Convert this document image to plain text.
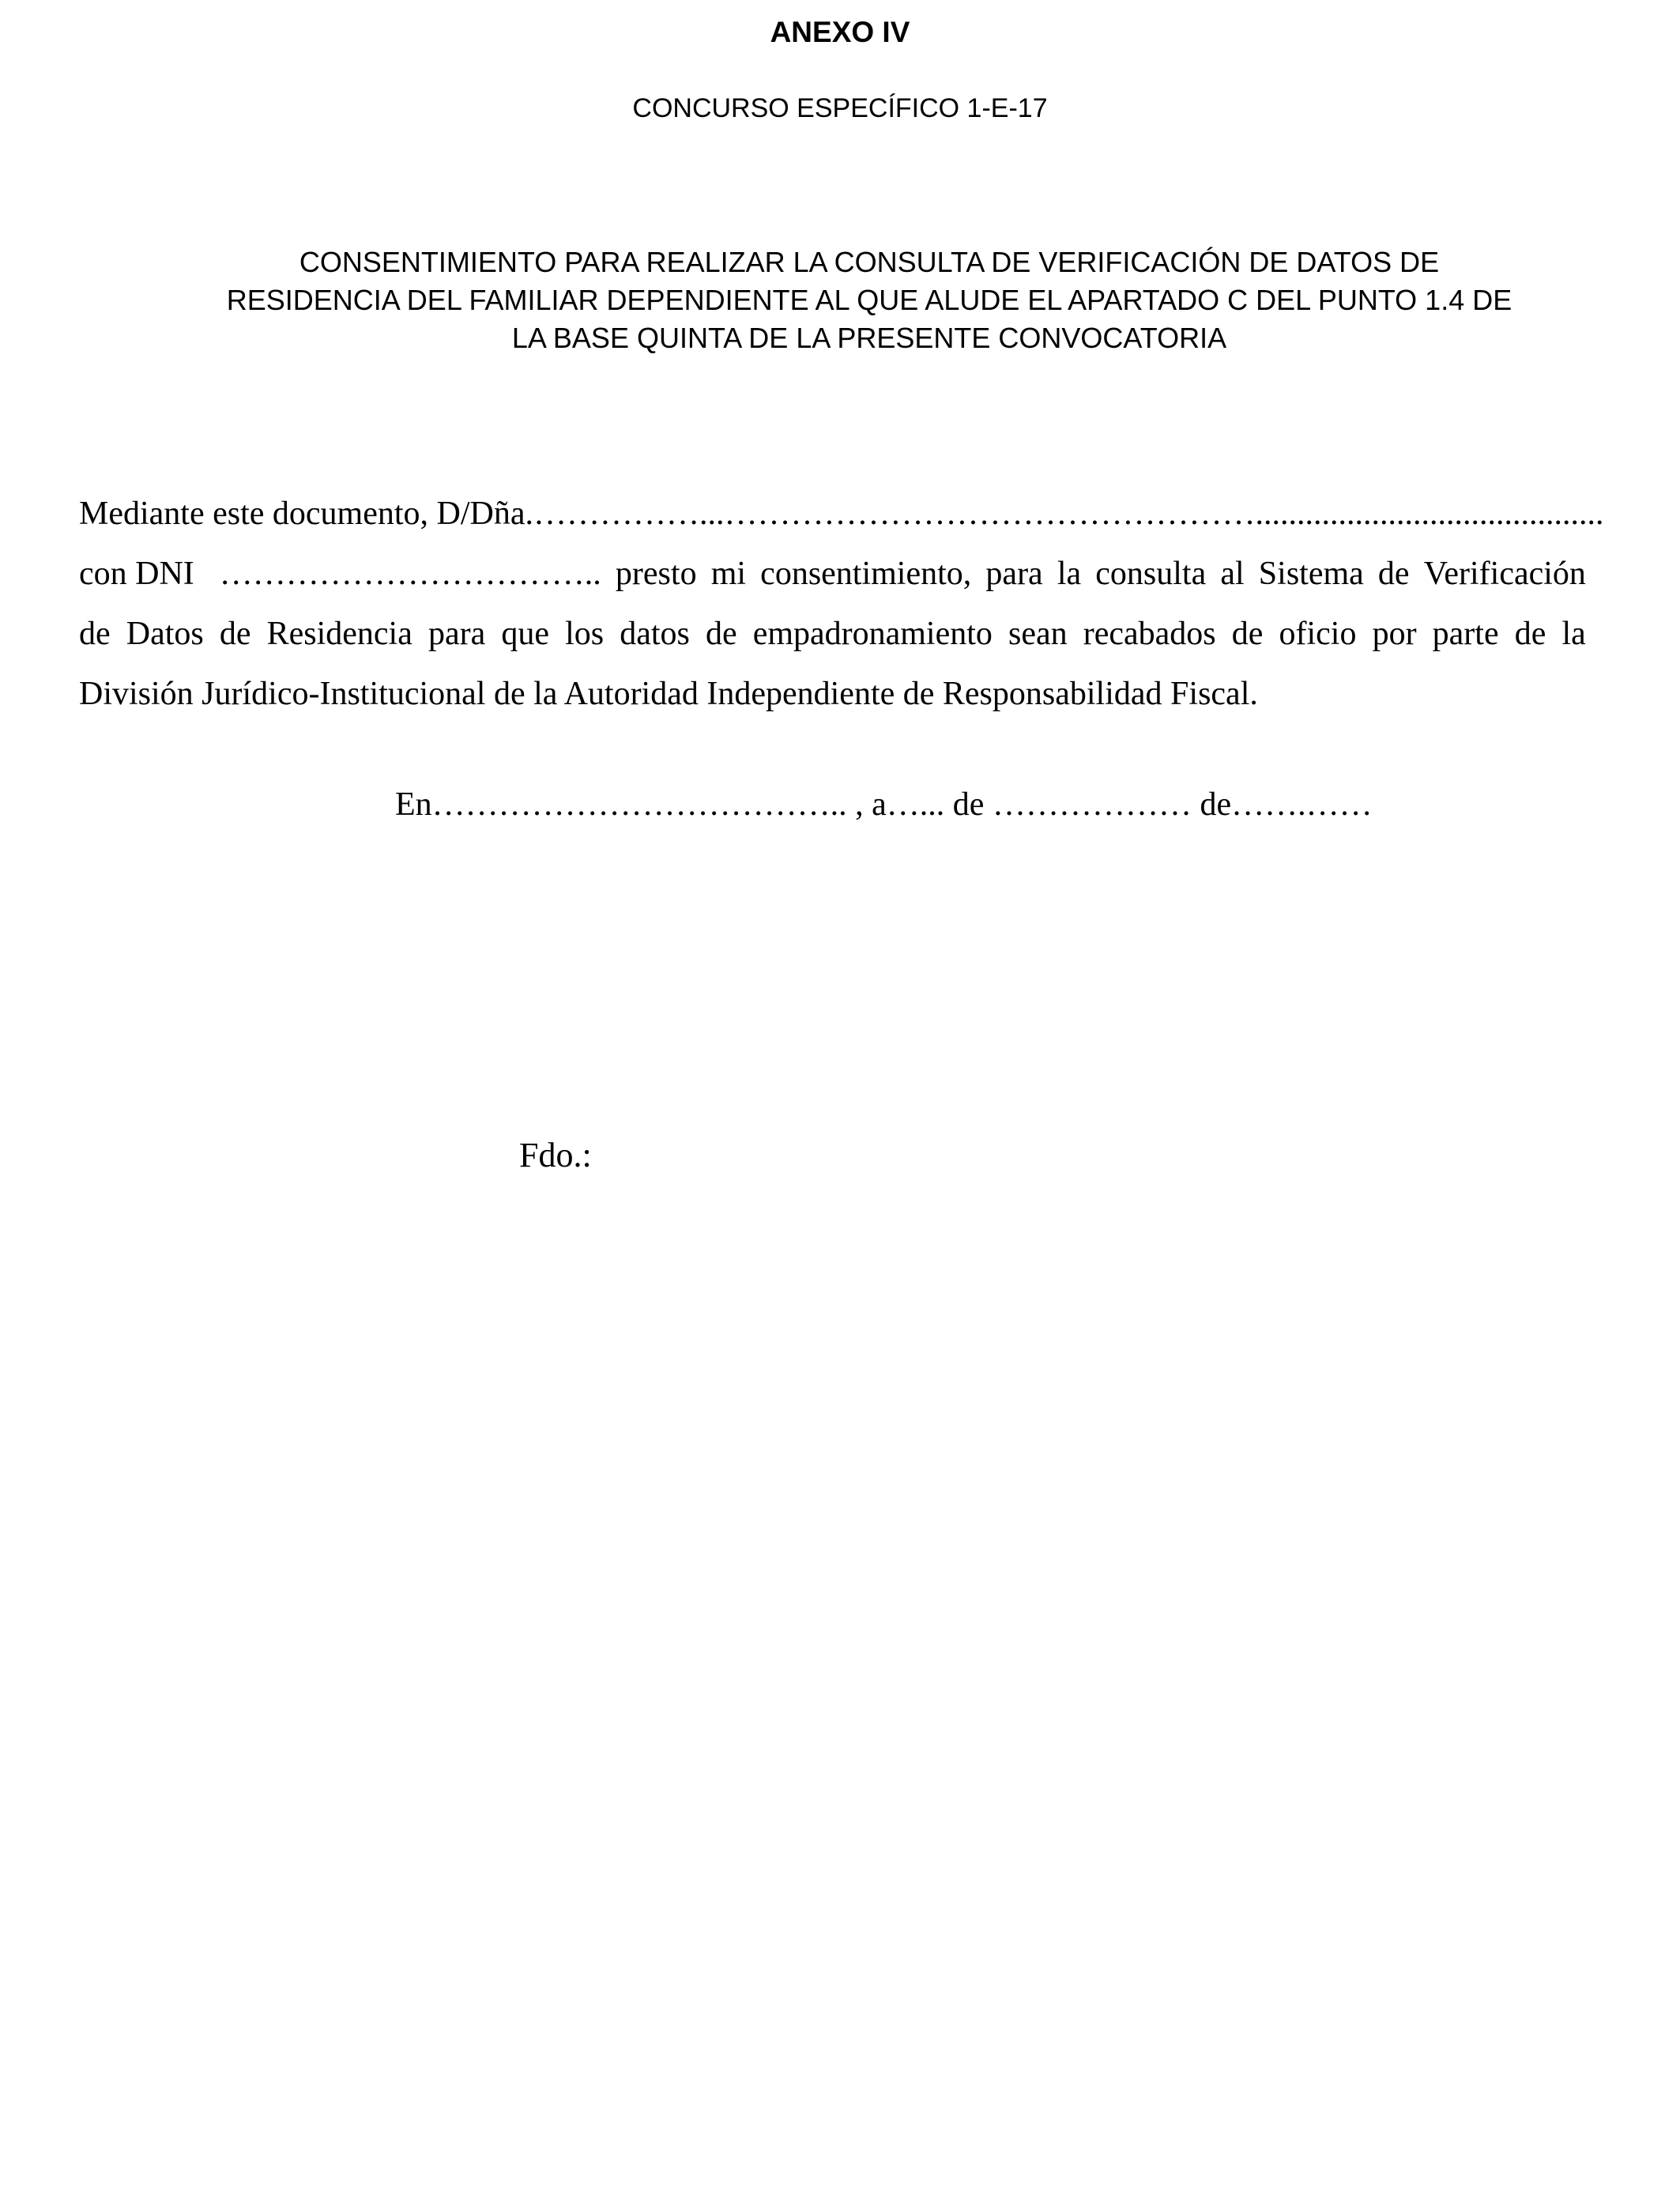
ANEXO IV

CONCURSO ESPECÍFICO 1-E-17

CONSENTIMIENTO PARA REALIZAR LA CONSULTA DE VERIFICACIÓN DE DATOS DE
RESIDENCIA DEL FAMILIAR DEPENDIENTE AL QUE ALUDE EL APARTADO C DEL PUNTO 1.4 DE
LA BASE QUINTA DE LA PRESENTE CONVOCATORIA
Mediante este documento, D/Dña.……………...…………………………………………..........................................
con DNI …………………………….. presto mi consentimiento, para la consulta al Sistema de Verificación
de Datos de Residencia para que los datos de empadronamiento sean recabados de oficio por parte de la
División Jurídico-Institucional de la Autoridad Independiente de Responsabilidad Fiscal.

En……………………………….. , a…... de ……………… de…….……

Fdo.:
